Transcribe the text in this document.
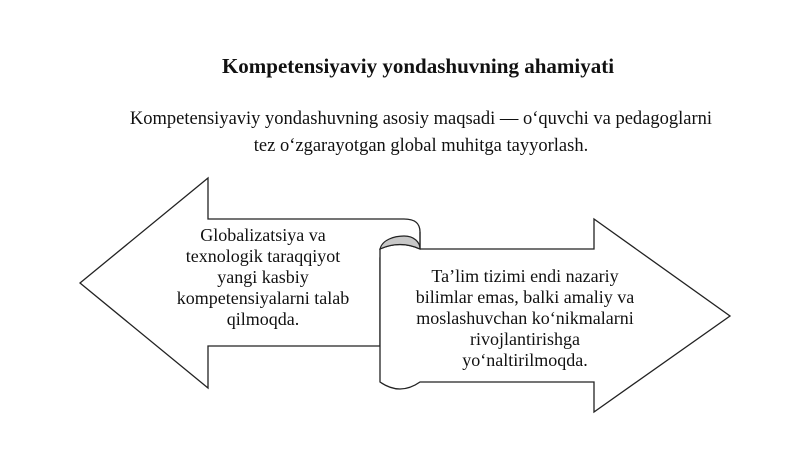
Kompetensiyaviy yondashuvning ahamiyati
Kompetensiyaviy yondashuvning asosiy maqsadi — o‘quvchi va pedagoglarni tez o‘zgarayotgan global muhitga tayyorlash.
Globalizatsiya va
texnologik taraqqiyot
yangi kasbiy
kompetensiyalarni talab
qilmoqda.
Ta’lim tizimi endi nazariy
bilimlar emas, balki amaliy va
moslashuvchan ko‘nikmalarni
rivojlantirishga
yo‘naltirilmoqda.
